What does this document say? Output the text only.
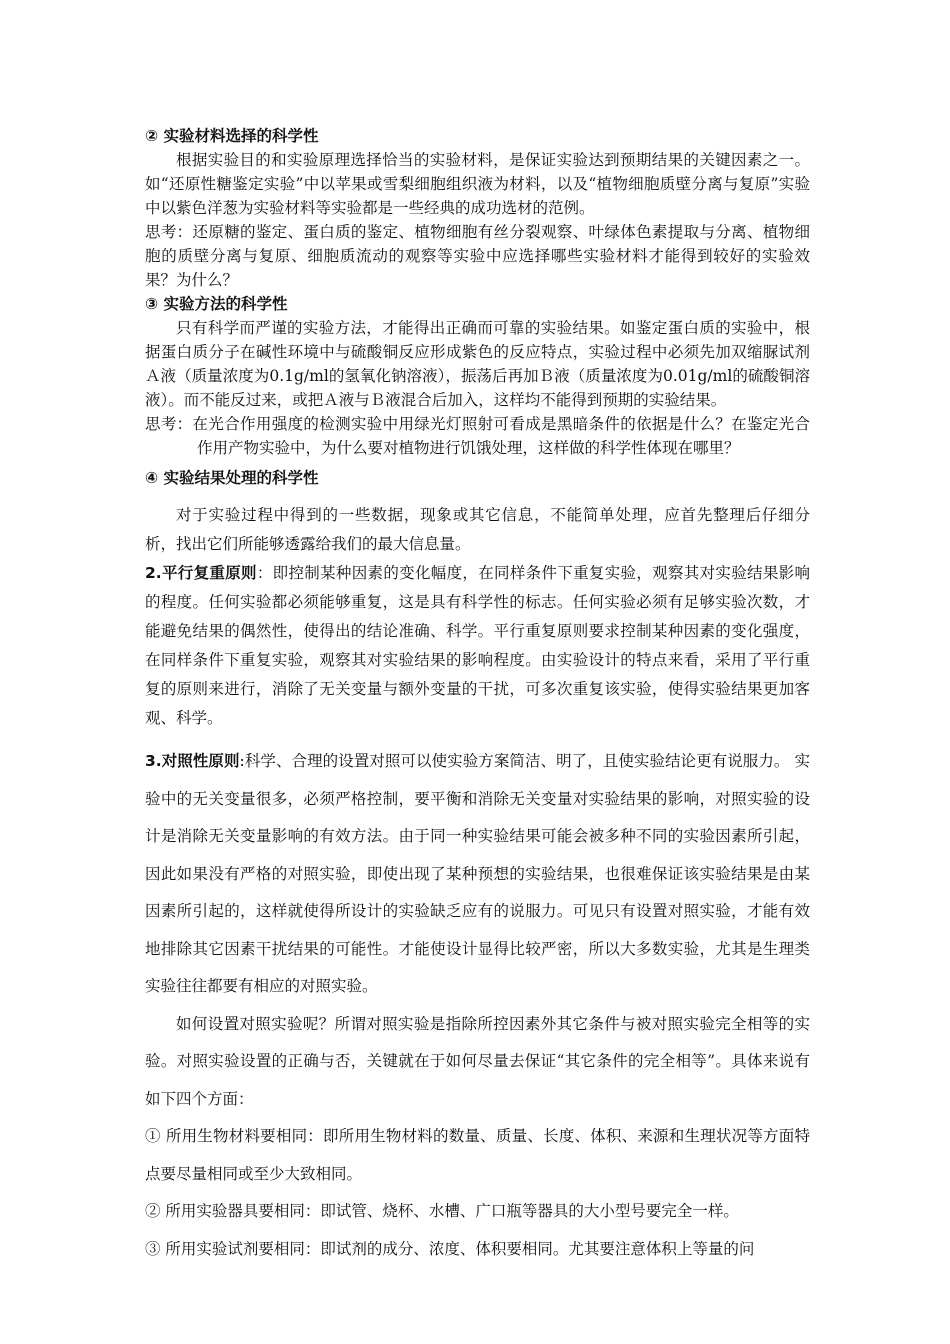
② 实验材料选择的科学性

根据实验目的和实验原理选择恰当的实验材料，是保证实验达到预期结果的关键因素之一。如“还原性糖鉴定实验”中以苹果或雪梨细胞组织液为材料，以及“植物细胞质壁分离与复原”实验中以紫色洋葱为实验材料等实验都是一些经典的成功选材的范例。

思考：还原糖的鉴定、蛋白质的鉴定、植物细胞有丝分裂观察、叶绿体色素提取与分离、植物细胞的质壁分离与复原、细胞质流动的观察等实验中应选择哪些实验材料才能得到较好的实验效果？为什么？

③ 实验方法的科学性

只有科学而严谨的实验方法，才能得出正确而可靠的实验结果。如鉴定蛋白质的实验中，根据蛋白质分子在碱性环境中与硫酸铜反应形成紫色的反应特点，实验过程中必须先加双缩脲试剂Ａ液（质量浓度为0.1g/ml的氢氧化钠溶液），振荡后再加Ｂ液（质量浓度为0.01g/ml的硫酸铜溶液）。而不能反过来，或把Ａ液与Ｂ液混合后加入，这样均不能得到预期的实验结果。

思考：在光合作用强度的检测实验中用绿光灯照射可看成是黑暗条件的依据是什么？在鉴定光合作用产物实验中，为什么要对植物进行饥饿处理，这样做的科学性体现在哪里？

④ 实验结果处理的科学性

对于实验过程中得到的一些数据，现象或其它信息，不能简单处理，应首先整理后仔细分析，找出它们所能够透露给我们的最大信息量。

2.平行复重原则：即控制某种因素的变化幅度，在同样条件下重复实验，观察其对实验结果影响的程度。任何实验都必须能够重复，这是具有科学性的标志。任何实验必须有足够实验次数，才能避免结果的偶然性，使得出的结论准确、科学。平行重复原则要求控制某种因素的变化强度，在同样条件下重复实验，观察其对实验结果的影响程度。由实验设计的特点来看，采用了平行重复的原则来进行，消除了无关变量与额外变量的干扰，可多次重复该实验，使得实验结果更加客观、科学。

3.对照性原则:科学、合理的设置对照可以使实验方案简洁、明了，且使实验结论更有说服力。 实验中的无关变量很多，必须严格控制，要平衡和消除无关变量对实验结果的影响，对照实验的设计是消除无关变量影响的有效方法。由于同一种实验结果可能会被多种不同的实验因素所引起，因此如果没有严格的对照实验，即使出现了某种预想的实验结果，也很难保证该实验结果是由某因素所引起的，这样就使得所设计的实验缺乏应有的说服力。可见只有设置对照实验，才能有效地排除其它因素干扰结果的可能性。才能使设计显得比较严密，所以大多数实验，尤其是生理类实验往往都要有相应的对照实验。

如何设置对照实验呢？所谓对照实验是指除所控因素外其它条件与被对照实验完全相等的实验。对照实验设置的正确与否，关键就在于如何尽量去保证“其它条件的完全相等”。具体来说有如下四个方面：

① 所用生物材料要相同：即所用生物材料的数量、质量、长度、体积、来源和生理状况等方面特点要尽量相同或至少大致相同。

② 所用实验器具要相同：即试管、烧杯、水槽、广口瓶等器具的大小型号要完全一样。

③ 所用实验试剂要相同：即试剂的成分、浓度、体积要相同。尤其要注意体积上等量的问
